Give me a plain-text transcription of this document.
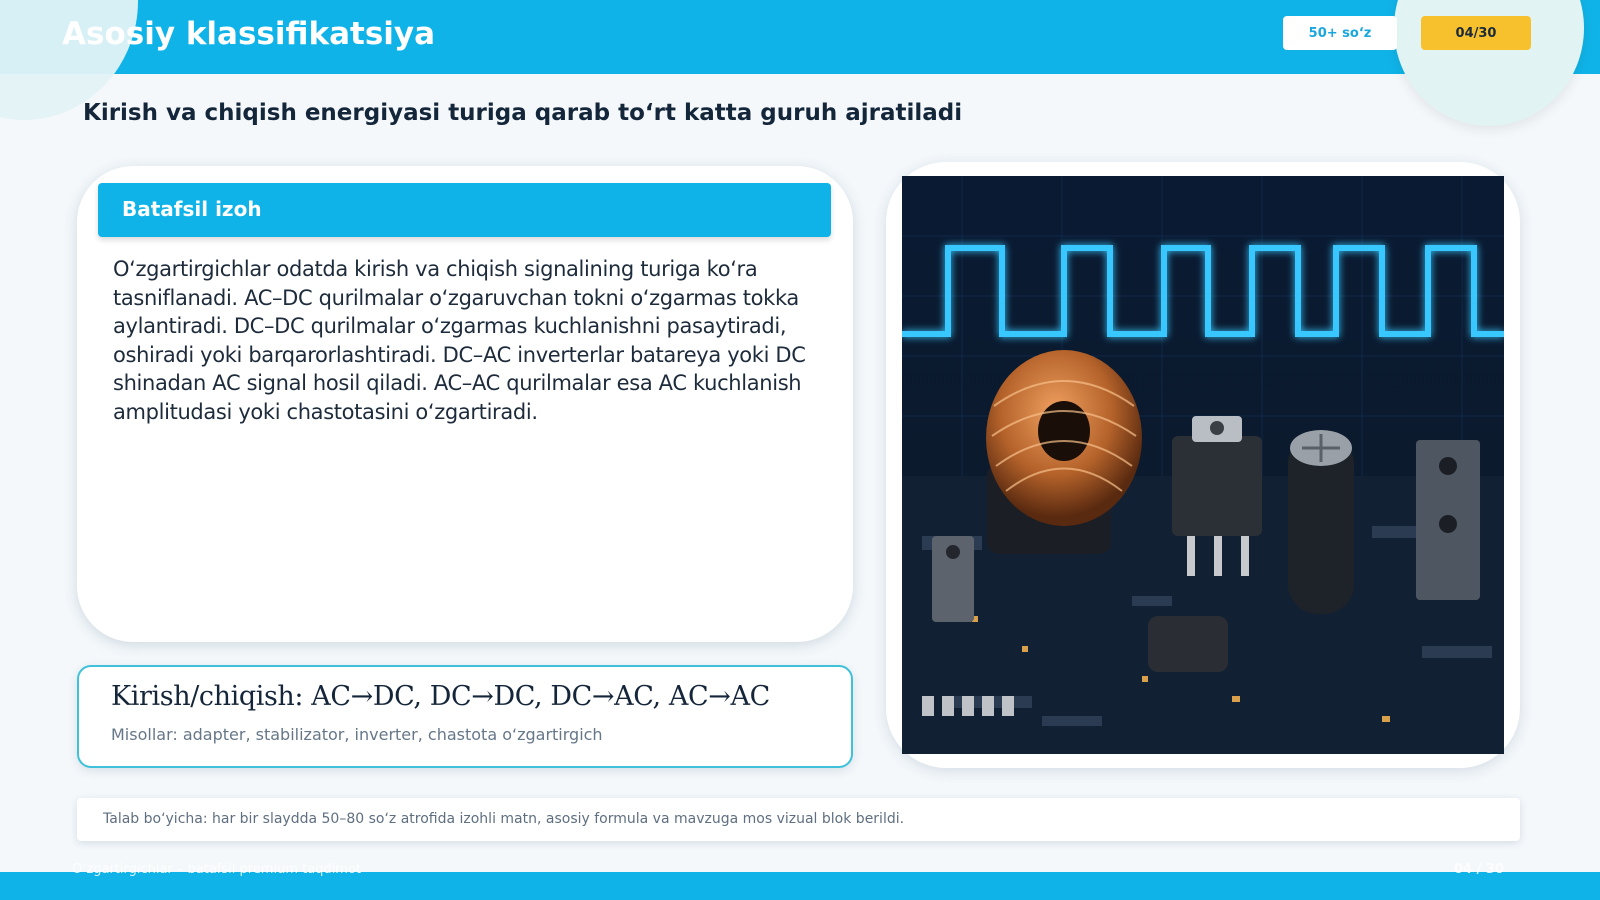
Asosiy klassifikatsiya	50+ so‘z	04/30
Kirish va chiqish energiyasi turiga qarab to‘rt katta guruh ajratiladi
Batafsil izoh
O‘zgartirgichlar odatda kirish va chiqish signalining turiga ko‘ra tasniflanadi. AC–DC qurilmalar o‘zgaruvchan tokni o‘zgarmas tokka aylantiradi. DC–DC qurilmalar o‘zgarmas kuchlanishni pasaytiradi, oshiradi yoki barqarorlashtiradi. DC–AC inverterlar batareya yoki DC shinadan AC signal hosil qiladi. AC–AC qurilmalar esa AC kuchlanish amplitudasi yoki chastotasini o‘zgartiradi.
Kirish/chiqish: AC→DC, DC→DC, DC→AC, AC→AC
Misollar: adapter, stabilizator, inverter, chastota o‘zgartirgich
Talab bo‘yicha: har bir slaydda 50–80 so‘z atrofida izohli matn, asosiy formula va mavzuga mos vizual blok berildi.
O‘zgartirgichlar – batafsil premium taqdimot	04 / 30
